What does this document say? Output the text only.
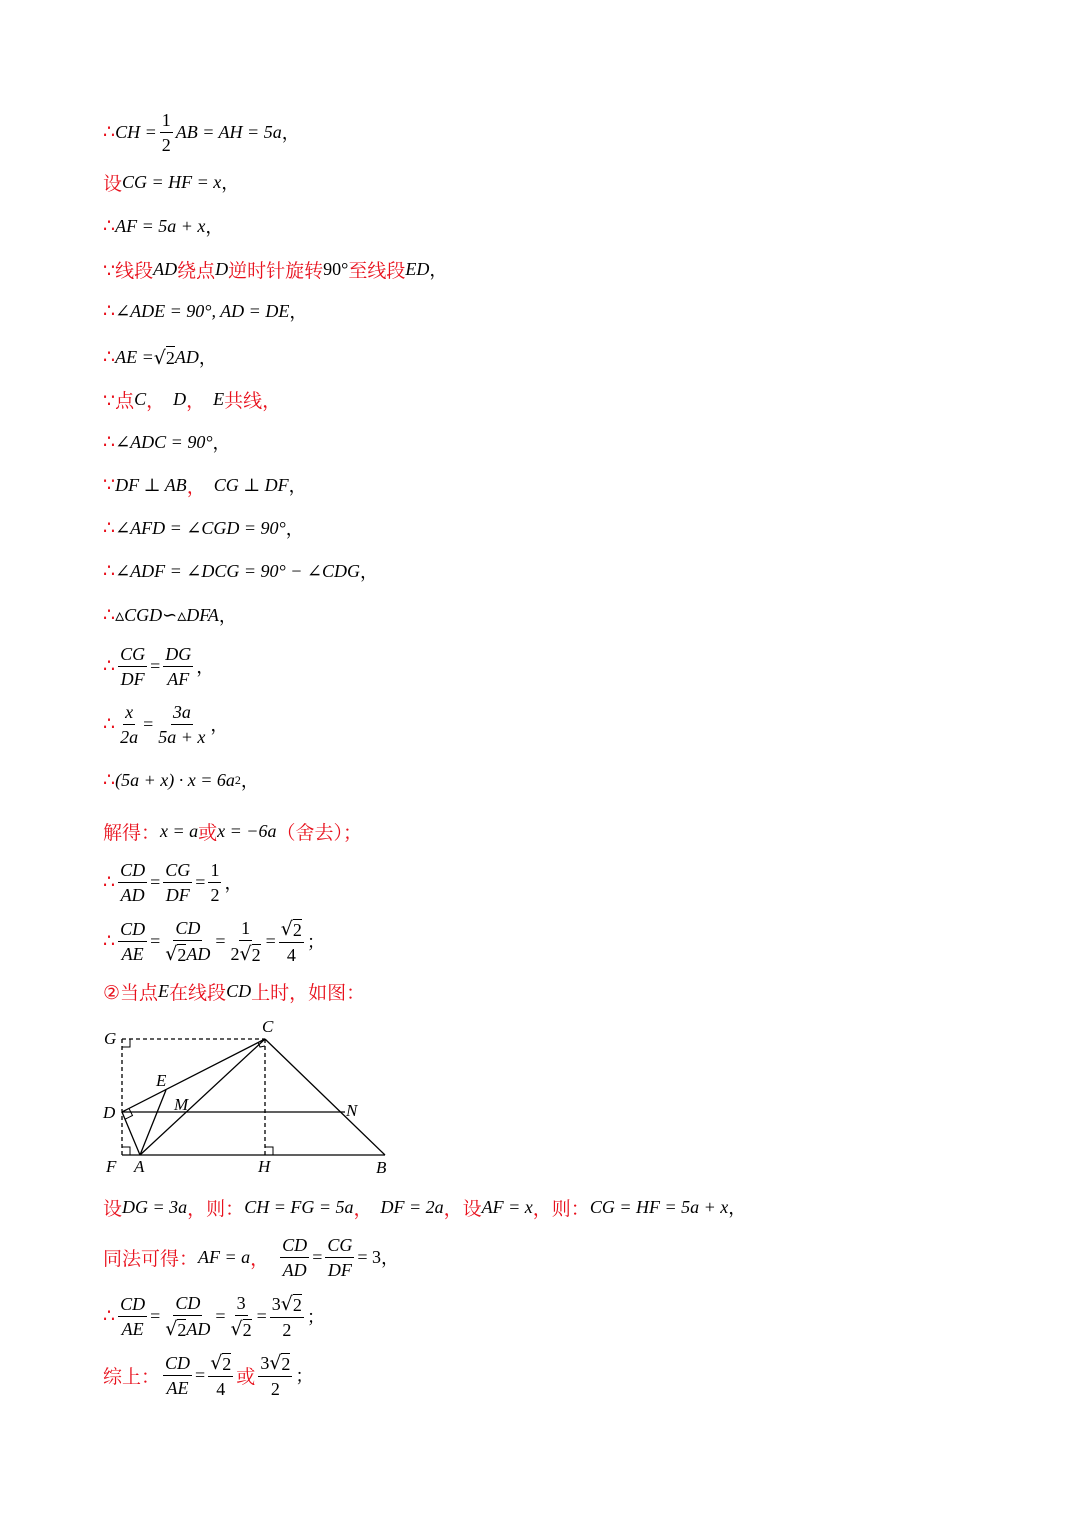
∴ CH = $\frac{1}{2}$ AB = AH = 5a ，
设 CG = HF = x ，
∴ AF = 5a + x ，
∵线段 AD 绕点 D 逆时针旋转 90° 至线段 ED ，
∴ ∠ADE = 90°, AD = DE ，
∴ AE = √ 2 AD ，
∵点 C ， D ， E 共线，
∴ ∠ADC = 90° ，
∵ DF ⊥ AB ， CG ⊥ DF ，
∴ ∠AFD = ∠CGD = 90° ，
∴ ∠ADF = ∠DCG = 90° − ∠CDG ，
∴ ▵CGD∽▵DFA ，
∴ $\frac{CG}{DF} = \frac{DG}{AF}$ ，
∴ $\frac{x}{2a} = \frac{3a}{5a + x}$ ，
∴ (5a + x) · x = 6a 2 ，
解得： x = a 或 x = −6a （舍去）；
∴ $\frac{CD}{AD} = \frac{CG}{DF} = \frac{1}{2}$ ，
∴ $\frac{CD}{AE} = \frac{CD}{√ 2 AD} = \frac{1}{2 √ 2} = \frac{√ 2}{4}$ ；
②当点 E 在线段 CD 上时，如图：
G
C
E
M
D	N
F A	H	B
设 DG = 3a ，则： CH = FG = 5a ， DF = 2a ，设 AF = x ，则： CG = HF = 5a + x ，
同法可得： AF = a ， $\frac{CD}{AD} = \frac{CG}{DF} = 3$ ，
∴ $\frac{CD}{AE} = \frac{CD}{√ 2 AD} = \frac{3}{√ 2} = \frac{3 √ 2}{2}$ ；
综上： $\frac{CD}{AE} = \frac{√ 2}{4}$ 或 $\frac{3 √ 2}{2}$ ；
